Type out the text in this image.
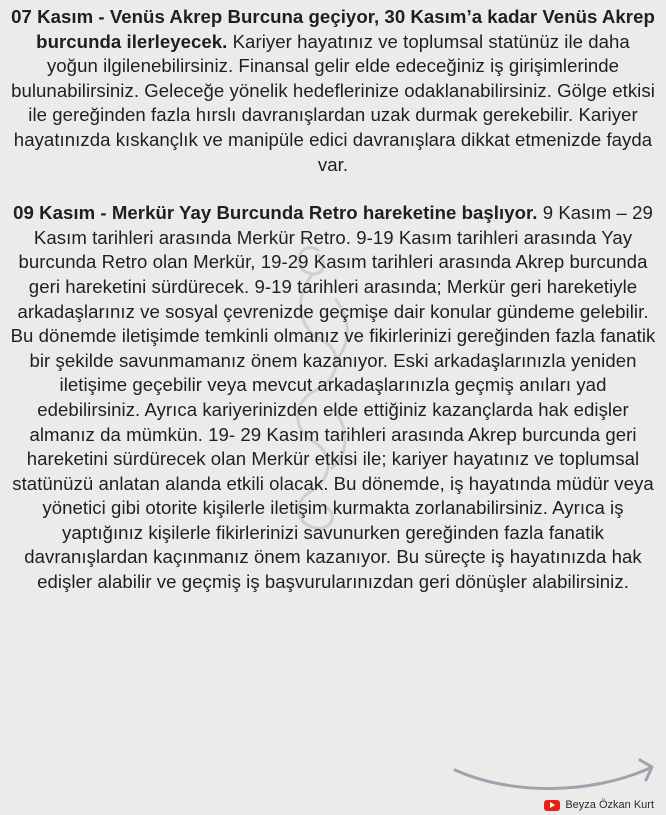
07 Kasım - Venüs Akrep Burcuna geçiyor, 30 Kasım’a kadar Venüs Akrep burcunda ilerleyecek. Kariyer hayatınız ve toplumsal statünüz ile daha yoğun ilgilenebilirsiniz. Finansal gelir elde edeceğiniz iş girişimlerinde bulunabilirsiniz. Geleceğe yönelik hedeflerinize odaklanabilirsiniz. Gölge etkisi ile gereğinden fazla hırslı davranışlardan uzak durmak gerekebilir. Kariyer hayatınızda kıskançlık ve manipüle edici davranışlara dikkat etmenizde fayda var.

09 Kasım - Merkür Yay Burcunda Retro hareketine başlıyor. 9 Kasım – 29 Kasım tarihleri arasında Merkür Retro. 9-19 Kasım tarihleri arasında Yay burcunda Retro olan Merkür, 19-29 Kasım tarihleri arasında Akrep burcunda geri hareketini sürdürecek. 9-19 tarihleri arasında; Merkür geri hareketiyle arkadaşlarınız ve sosyal çevrenizde geçmişe dair konular gündeme gelebilir. Bu dönemde iletişimde temkinli olmanız ve fikirlerinizi gereğinden fazla fanatik bir şekilde savunmamanız önem kazanıyor. Eski arkadaşlarınızla yeniden iletişime geçebilir veya mevcut arkadaşlarınızla geçmiş anıları yad edebilirsiniz. Ayrıca kariyerinizden elde ettiğiniz kazançlarda hak edişler almanız da mümkün. 19- 29 Kasım tarihleri arasında Akrep burcunda geri hareketini sürdürecek olan Merkür etkisi ile; kariyer hayatınız ve toplumsal statünüzü anlatan alanda etkili olacak. Bu dönemde, iş hayatında müdür veya yönetici gibi otorite kişilerle iletişim kurmakta zorlanabilirsiniz. Ayrıca iş yaptığınız kişilerle fikirlerinizi savunurken gereğinden fazla fanatik davranışlardan kaçınmanız önem kazanıyor. Bu süreçte iş hayatınızda hak edişler alabilir ve geçmiş iş başvurularınızdan geri dönüşler alabilirsiniz.

Beyza Özkan Kurt
